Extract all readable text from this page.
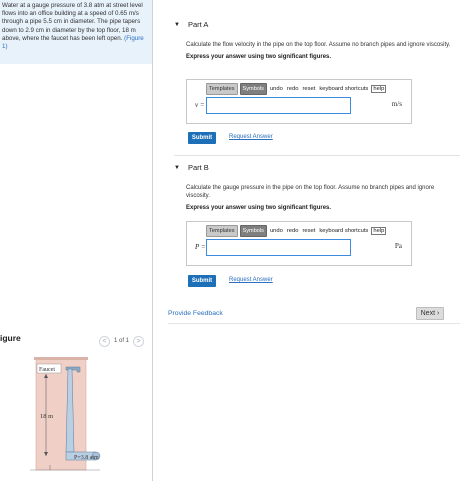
Water at a gauge pressure of 3.8 atm at street level flows into an office building at a speed of 0.65 m/s through a pipe 5.5 cm in diameter. The pipe tapers down to 2.9 cm in diameter by the top floor, 18 m above, where the faucet has been left open. (Figure 1)
igure	<	1 of 1	>
Faucet
18 m
P=3.8 atm
▼ Part A
Calculate the flow velocity in the pipe on the top floor. Assume no branch pipes and ignore viscosity.
Express your answer using two significant figures.
Templates	Symbols	undo redo reset keyboard shortcuts help
v =	m/s
Submit	Request Answer
▼ Part B
Calculate the gauge pressure in the pipe on the top floor. Assume no branch pipes and ignore viscosity.
Express your answer using two significant figures.
Templates	Symbols	undo redo reset keyboard shortcuts help
P =	Pa
Submit	Request Answer
Provide Feedback	Next ›
